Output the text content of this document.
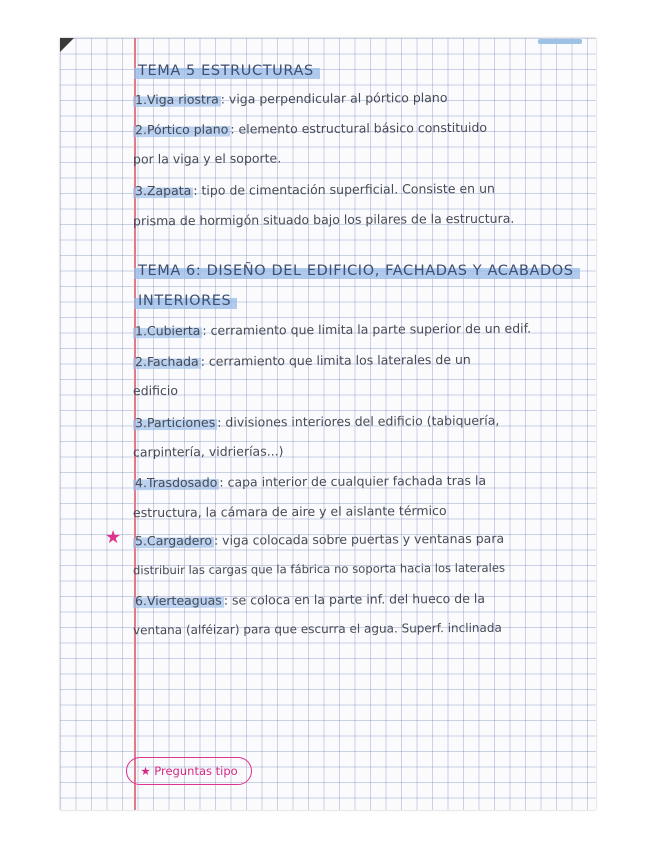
TEMA 5 ESTRUCTURAS
1.Viga riostra : viga perpendicular al pórtico plano
2.Pórtico plano : elemento estructural básico constituido
por la viga y el soporte.
3.Zapata : tipo de cimentación superficial. Consiste en un
prisma de hormigón situado bajo los pilares de la estructura.
TEMA 6: DISEÑO DEL EDIFICIO, FACHADAS Y ACABADOS
INTERIORES
1.Cubierta : cerramiento que limita la parte superior de un edif.
2.Fachada : cerramiento que limita los laterales de un
edificio
3.Particiones : divisiones interiores del edificio (tabiquería,
carpintería, vidrierías...)
4.Trasdosado : capa interior de cualquier fachada tras la
estructura, la cámara de aire y el aislante térmico
5.Cargadero : viga colocada sobre puertas y ventanas para
distribuir las cargas que la fábrica no soporta hacia los laterales
6.Vierteaguas : se coloca en la parte inf. del hueco de la
ventana (alféizar) para que escurra el agua. Superf. inclinada
★
★ Preguntas tipo
